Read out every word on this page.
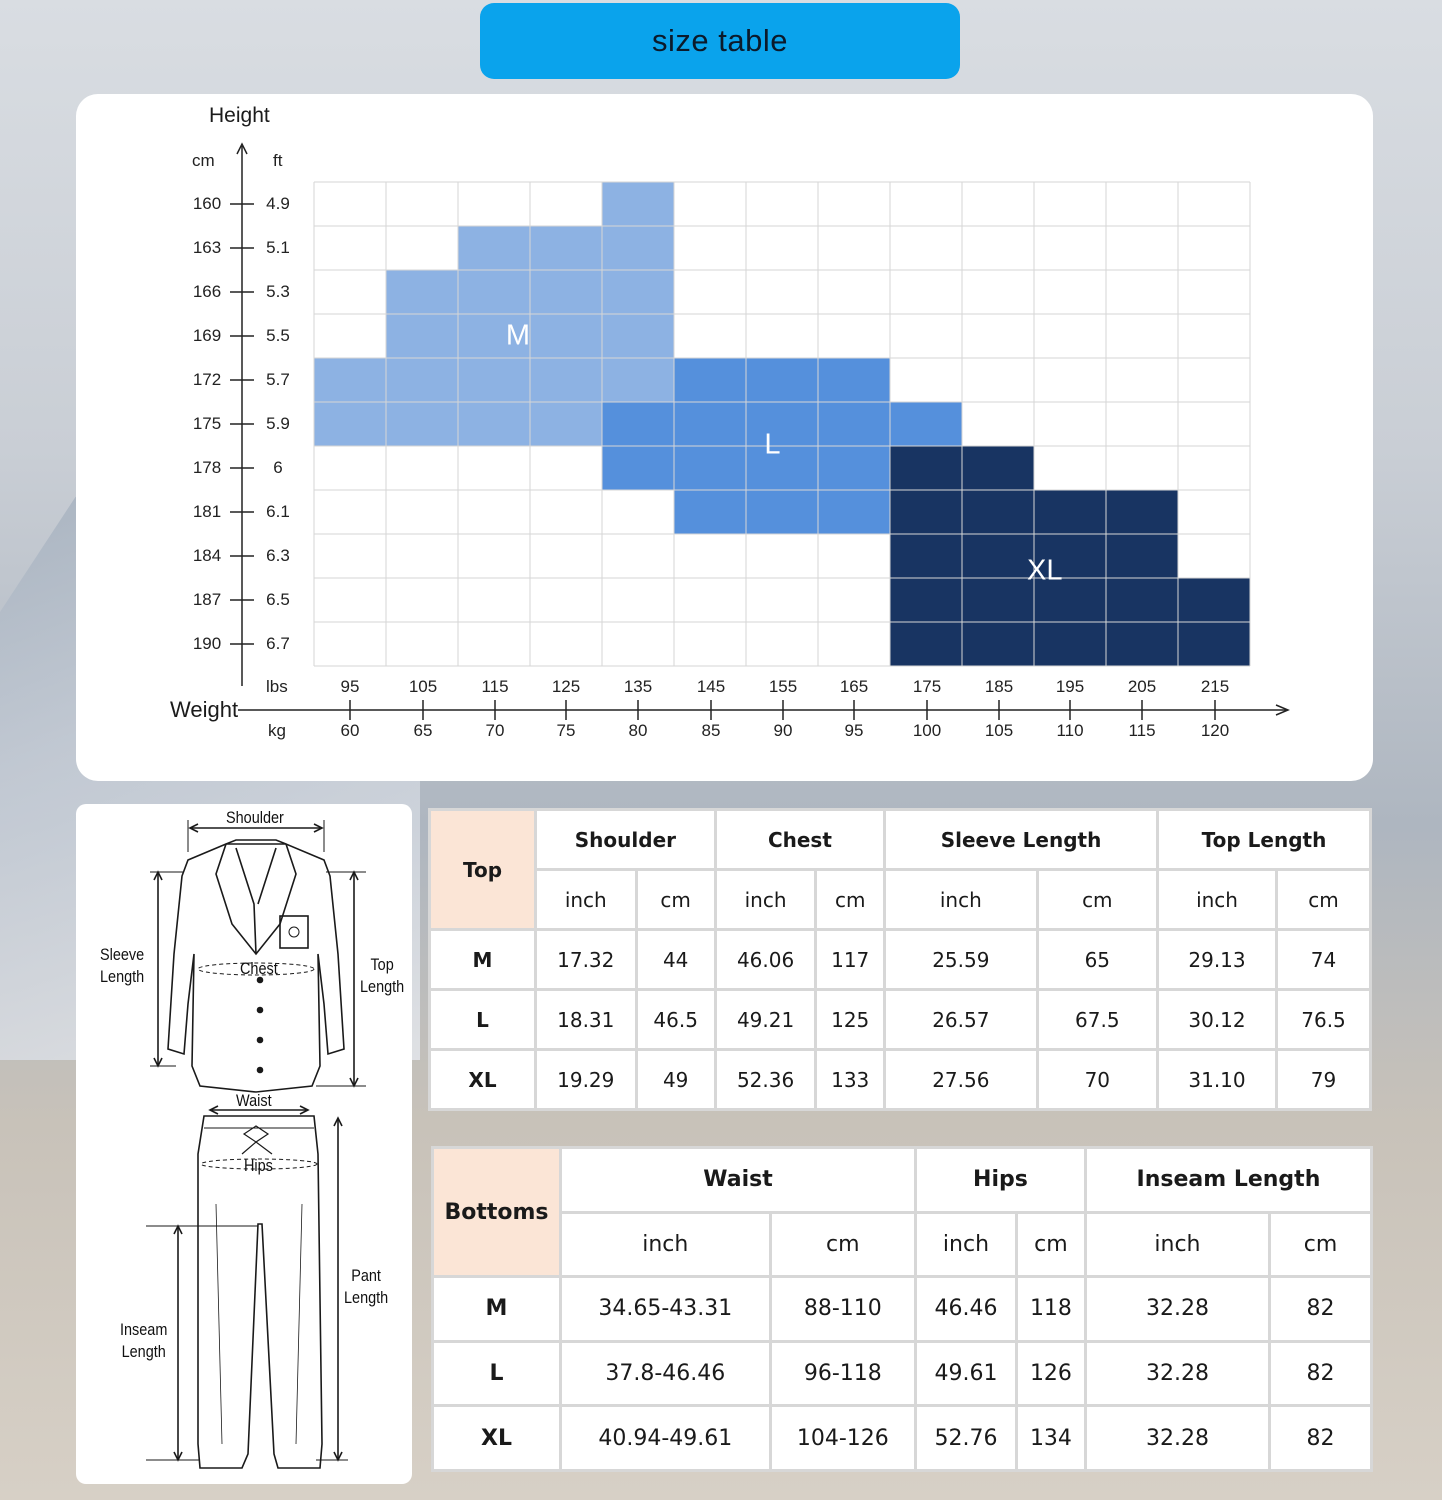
size table
Height
cm	ft
Weight
lbs
kg
M
L
XL
160	4.9
163	5.1
166	5.3
169	5.5
172	5.7
175	5.9
178	6
181	6.1
184	6.3
187	6.5
190	6.7
95
60
105
65
115
70
125
75
135
80
145
85
155
90
165
95
175
100
185
105
195
110
205
115
215
120
Shoulder
Sleeve
Length	Chest	Top
Length
Waist
Hips
Pant
Length
Inseam
Length
Top	Shoulder		Chest		Sleeve Length		Top Length	
	inch	cm	inch	cm	inch	cm	inch	cm
M	17.32	44	46.06	117	25.59	65	29.13	74
L	18.31	46.5	49.21	125	26.57	67.5	30.12	76.5
XL	19.29	49	52.36	133	27.56	70	31.10	79
Bottoms	Waist		Hips		Inseam Length	
	inch	cm	inch	cm	inch	cm
M	34.65-43.31	88-110	46.46	118	32.28	82
L	37.8-46.46	96-118	49.61	126	32.28	82
XL	40.94-49.61	104-126	52.76	134	32.28	82
